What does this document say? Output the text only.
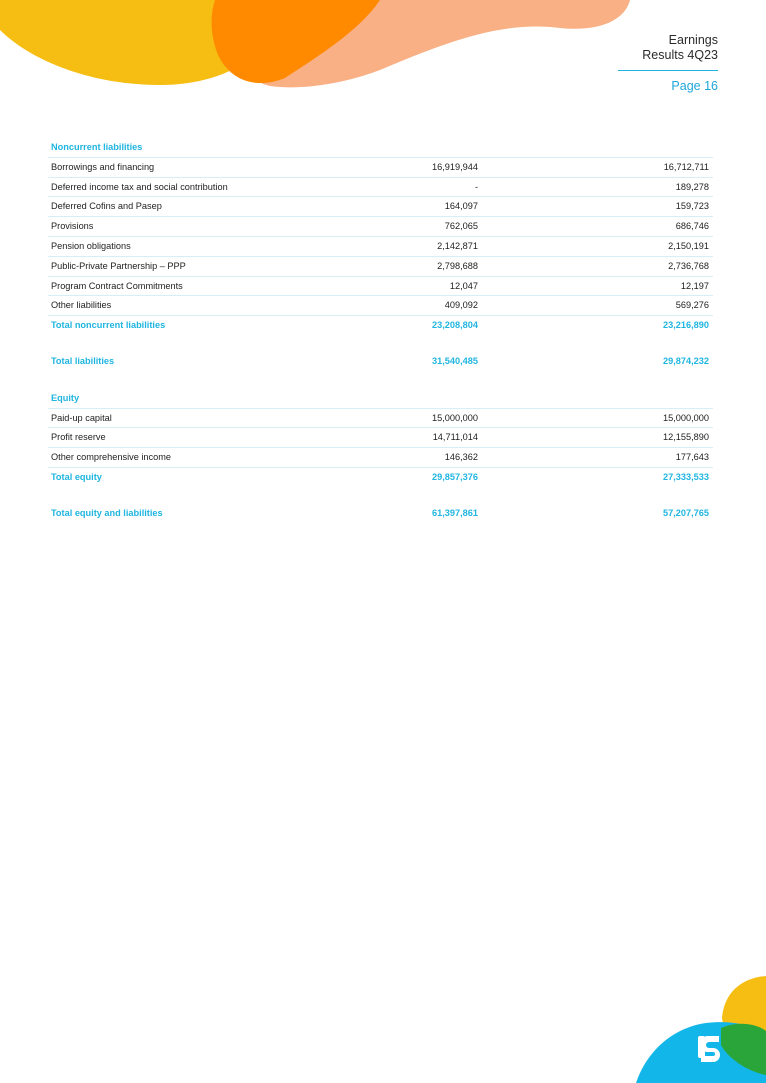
Earnings
Results 4Q23
Page 16
Noncurrent liabilities
Borrowings and financing	16,919,944	16,712,711
Deferred income tax and social contribution	-	189,278
Deferred Cofins and Pasep	164,097	159,723
Provisions	762,065	686,746
Pension obligations	2,142,871	2,150,191
Public-Private Partnership – PPP	2,798,688	2,736,768
Program Contract Commitments	12,047	12,197
Other liabilities	409,092	569,276
Total noncurrent liabilities	23,208,804	23,216,890
Total liabilities	31,540,485	29,874,232
Equity
Paid-up capital	15,000,000	15,000,000
Profit reserve	14,711,014	12,155,890
Other comprehensive income	146,362	177,643
Total equity	29,857,376	27,333,533
Total equity and liabilities	61,397,861	57,207,765
